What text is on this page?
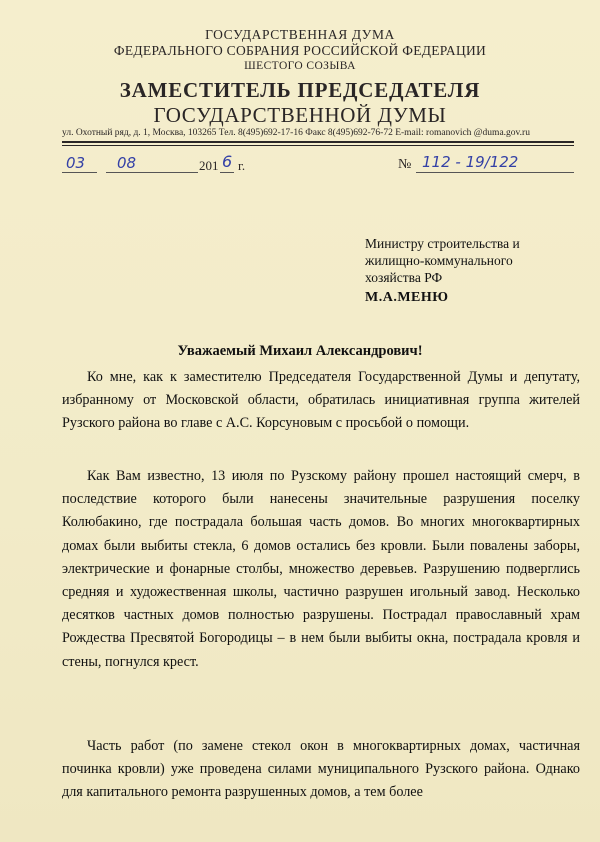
ГОСУДАРСТВЕННАЯ ДУМА
ФЕДЕРАЛЬНОГО СОБРАНИЯ РОССИЙСКОЙ ФЕДЕРАЦИИ
ШЕСТОГО СОЗЫВА
ЗАМЕСТИТЕЛЬ ПРЕДСЕДАТЕЛЯ
ГОСУДАРСТВЕННОЙ ДУМЫ
ул. Охотный ряд, д. 1, Москва, 103265 Тел. 8(495)692-17-16 Факс 8(495)692-76-72 E-mail: romanovich @duma.gov.ru
03 08	201 6 г.	№ 112 - 19/122
Министру строительства и
жилищно-коммунального
хозяйства РФ
М.А.МЕНЮ
Уважаемый Михаил Александрович!

Ко мне, как к заместителю Председателя Государственной Думы и депутату, избранному от Московской области, обратилась инициативная группа жителей Рузского района во главе с А.С. Корсуновым с просьбой о помощи.

Как Вам известно, 13 июля по Рузскому району прошел настоящий смерч, в последствие которого были нанесены значительные разрушения поселку Колюбакино, где пострадала большая часть домов. Во многих многоквартирных домах были выбиты стекла, 6 домов остались без кровли. Были повалены заборы, электрические и фонарные столбы, множество деревьев. Разрушению подверглись средняя и художественная школы, частично разрушен игольный завод. Несколько десятков частных домов полностью разрушены. Пострадал православный храм Рождества Пресвятой Богородицы – в нем были выбиты окна, пострадала кровля и стены, погнулся крест.

Часть работ (по замене стекол окон в многоквартирных домах, частичная починка кровли) уже проведена силами муниципального Рузского района. Однако для капитального ремонта разрушенных домов, а тем более
